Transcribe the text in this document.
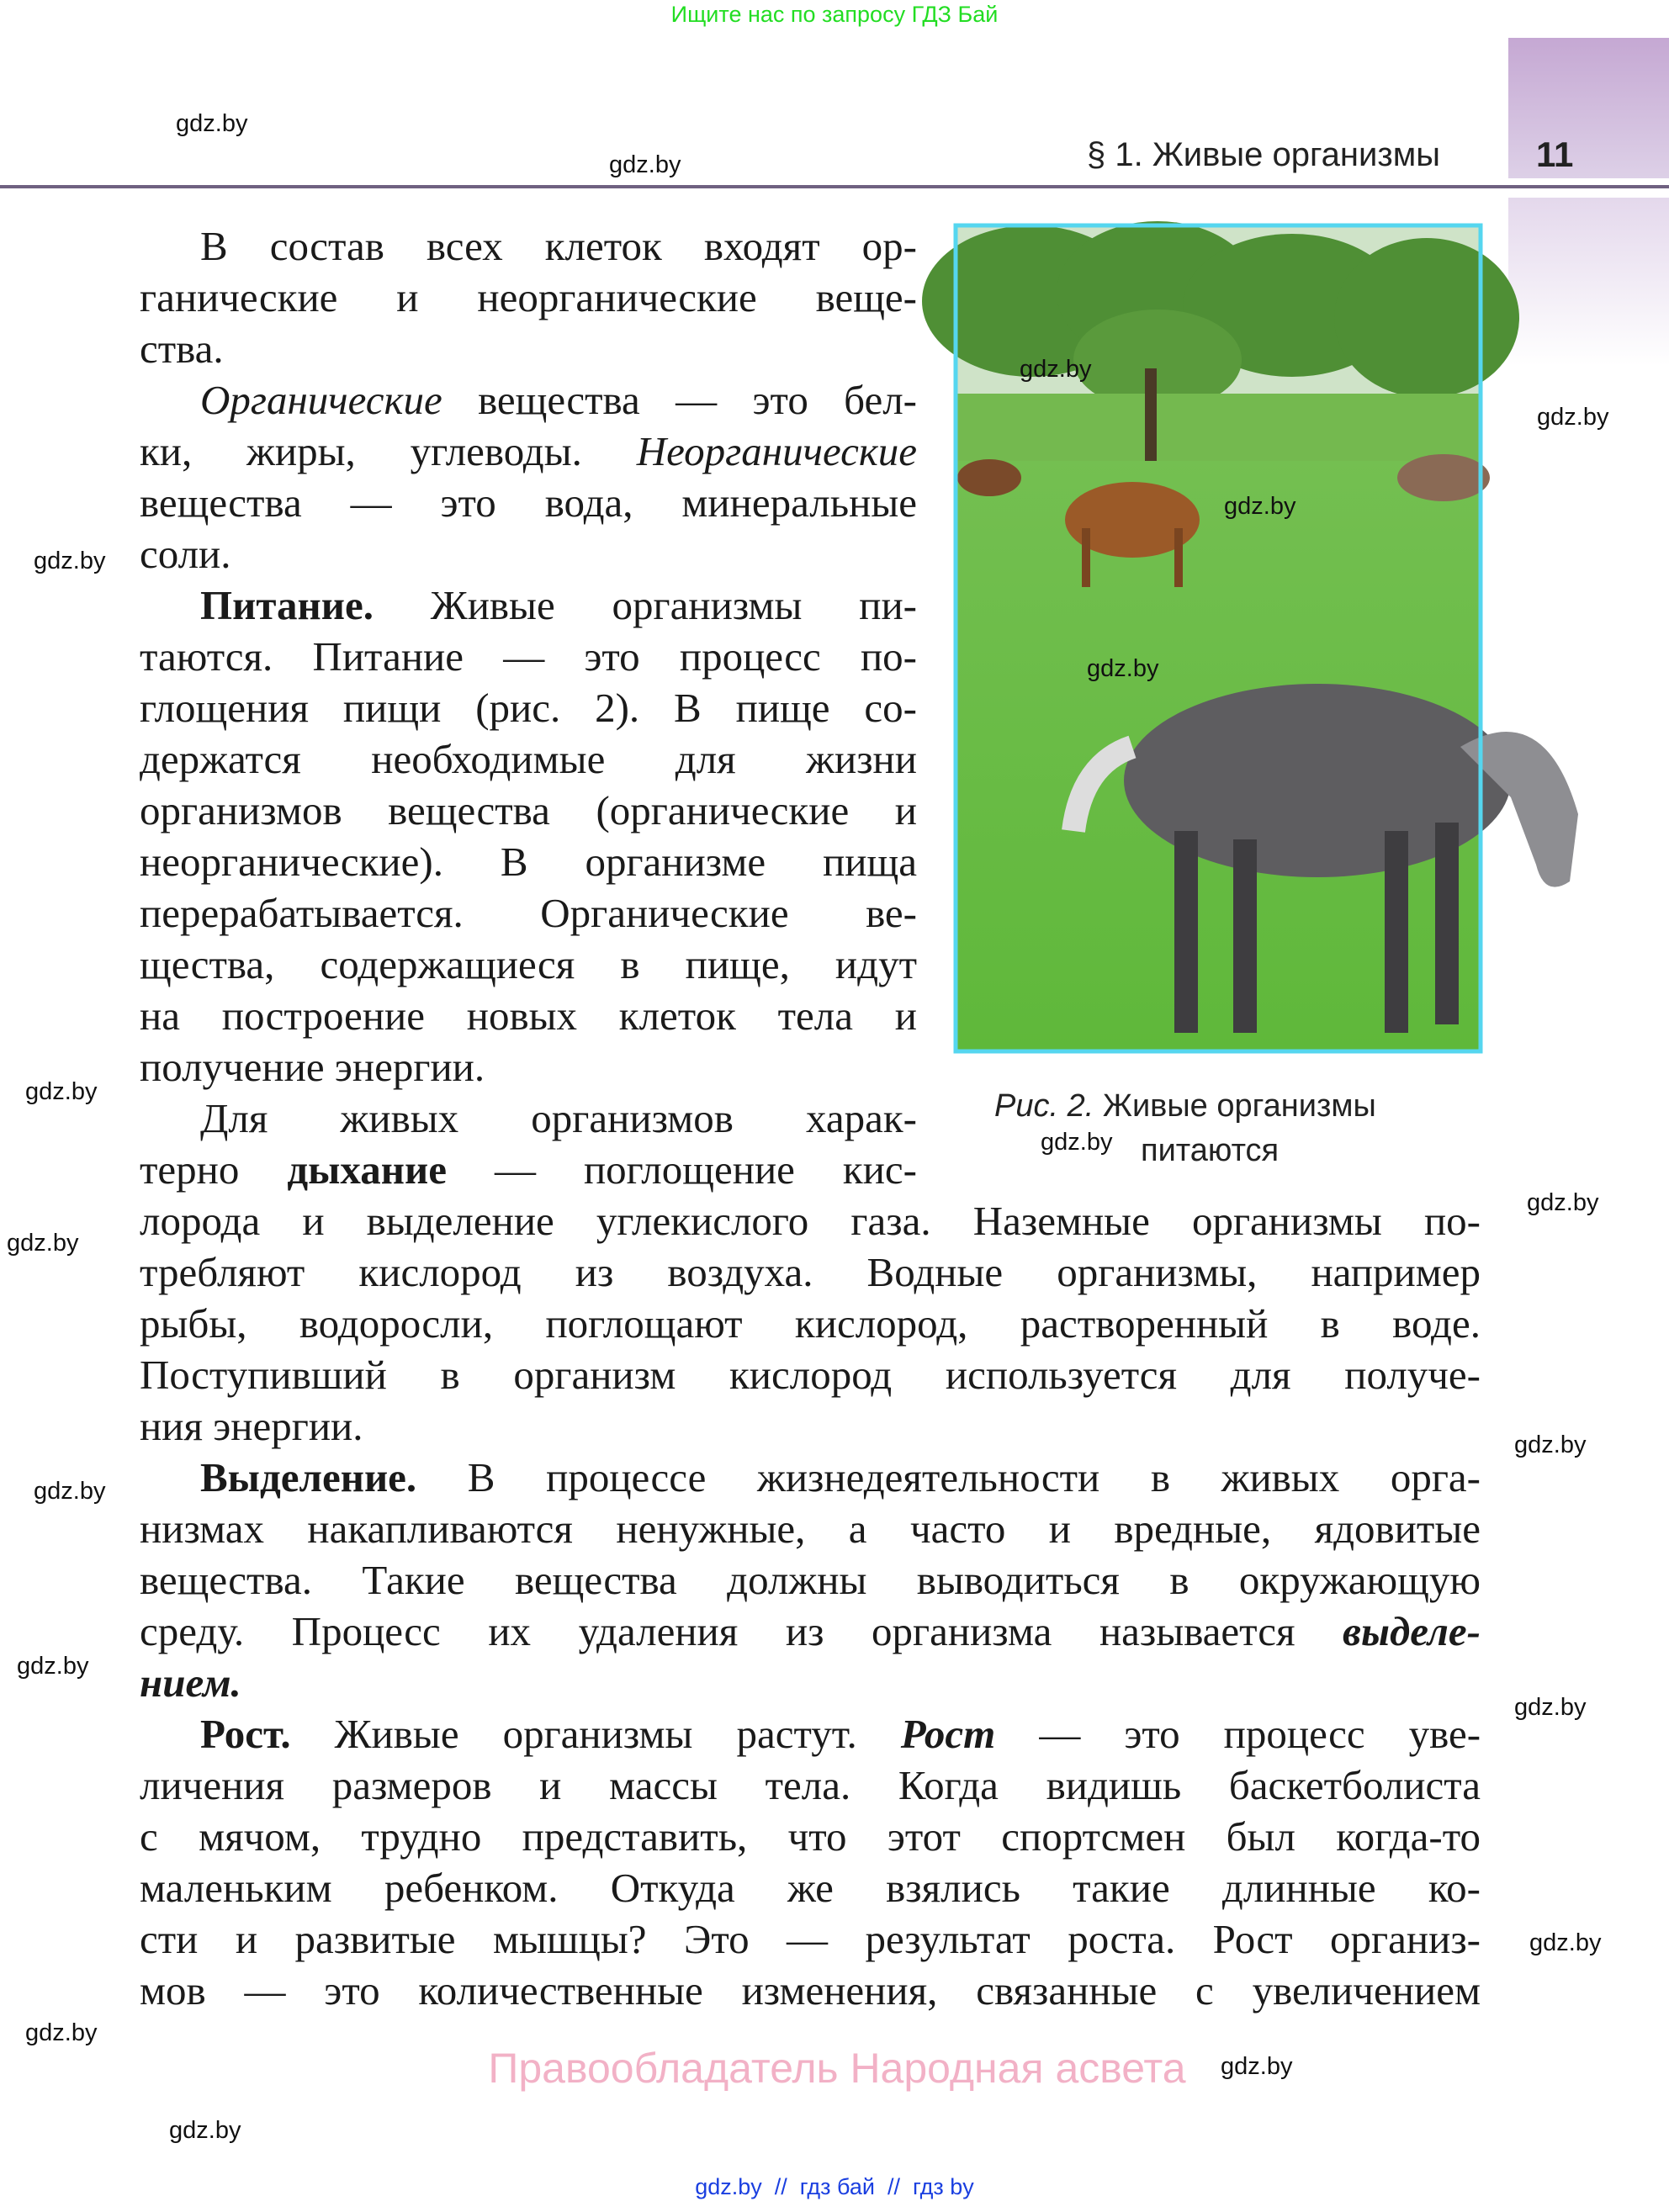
Ищите нас по запросу ГДЗ Бай
§ 1. Живые организмы	11
В состав всех клеток входят ор-
ганические и неорганические веще-
ства.
Органические вещества — это бел-
ки, жиры, углеводы. Неорганические
вещества — это вода, минеральные
соли.
Питание. Живые организмы пи-
таются. Питание — это процесс по-
глощения пищи (рис. 2). В пище со-
держатся необходимые для жизни
организмов вещества (органические и
неорганические). В организме пища
перерабатывается. Органические ве-
щества, содержащиеся в пище, идут
на построение новых клеток тела и
получение энергии.
Для живых организмов харак-
терно дыхание — поглощение кис-
лорода и выделение углекислого газа. Наземные организмы по-
требляют кислород из воздуха. Водные организмы, например
рыбы, водоросли, поглощают кислород, растворенный в воде.
Поступивший в организм кислород используется для получе-
ния энергии.
Выделение. В процессе жизнедеятельности в живых орга-
низмах накапливаются ненужные, а часто и вредные, ядовитые
вещества. Такие вещества должны выводиться в окружающую
среду. Процесс их удаления из организма называется выделе-
нием.
Рост. Живые организмы растут. Рост — это процесс уве-
личения размеров и массы тела. Когда видишь баскетболиста
с мячом, трудно представить, что этот спортсмен был когда-то
маленьким ребенком. Откуда же взялись такие длинные ко-
сти и развитые мышцы? Это — результат роста. Рост организ-
мов — это количественные изменения, связанные с увеличением
Рис. 2. Живые организмы
питаются
Правообладатель Народная асвета
gdz.by  //  гдз бай  //  гдз by
gdz.by
gdz.by
gdz.by
gdz.by
gdz.by
gdz.by
gdz.by
gdz.by
gdz.by
gdz.by
gdz.by
gdz.by
gdz.by
gdz.by
gdz.by
gdz.by
gdz.by
gdz.by
gdz.by
